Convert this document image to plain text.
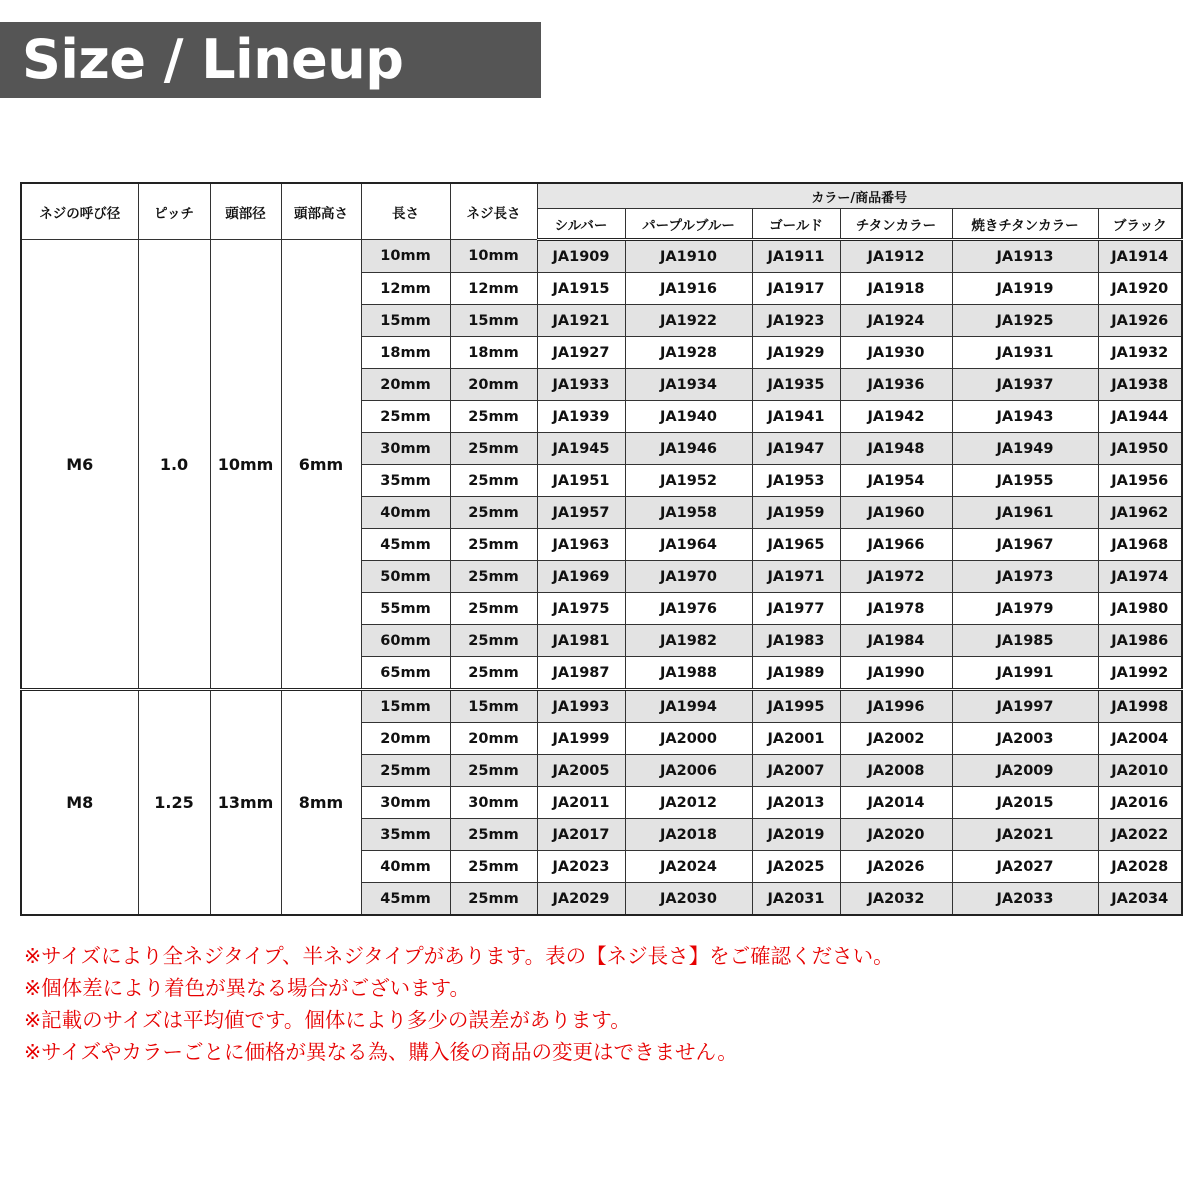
Size / Lineup
ネジの呼び径	ピッチ	頭部径	頭部高さ	長さ	ネジ長さ	カラー/商品番号					
						シルバー	パープルブルー	ゴールド	チタンカラー	焼きチタンカラー	ブラック
M6	1.0	10mm	6mm	10mm	10mm	JA1909	JA1910	JA1911	JA1912	JA1913	JA1914
				12mm	12mm	JA1915	JA1916	JA1917	JA1918	JA1919	JA1920
				15mm	15mm	JA1921	JA1922	JA1923	JA1924	JA1925	JA1926
				18mm	18mm	JA1927	JA1928	JA1929	JA1930	JA1931	JA1932
				20mm	20mm	JA1933	JA1934	JA1935	JA1936	JA1937	JA1938
				25mm	25mm	JA1939	JA1940	JA1941	JA1942	JA1943	JA1944
				30mm	25mm	JA1945	JA1946	JA1947	JA1948	JA1949	JA1950
				35mm	25mm	JA1951	JA1952	JA1953	JA1954	JA1955	JA1956
				40mm	25mm	JA1957	JA1958	JA1959	JA1960	JA1961	JA1962
				45mm	25mm	JA1963	JA1964	JA1965	JA1966	JA1967	JA1968
				50mm	25mm	JA1969	JA1970	JA1971	JA1972	JA1973	JA1974
				55mm	25mm	JA1975	JA1976	JA1977	JA1978	JA1979	JA1980
				60mm	25mm	JA1981	JA1982	JA1983	JA1984	JA1985	JA1986
				65mm	25mm	JA1987	JA1988	JA1989	JA1990	JA1991	JA1992
M8	1.25	13mm	8mm	15mm	15mm	JA1993	JA1994	JA1995	JA1996	JA1997	JA1998
				20mm	20mm	JA1999	JA2000	JA2001	JA2002	JA2003	JA2004
				25mm	25mm	JA2005	JA2006	JA2007	JA2008	JA2009	JA2010
				30mm	30mm	JA2011	JA2012	JA2013	JA2014	JA2015	JA2016
				35mm	25mm	JA2017	JA2018	JA2019	JA2020	JA2021	JA2022
				40mm	25mm	JA2023	JA2024	JA2025	JA2026	JA2027	JA2028
				45mm	25mm	JA2029	JA2030	JA2031	JA2032	JA2033	JA2034
※サイズにより全ネジタイプ、半ネジタイプがあります。表の【ネジ長さ】をご確認ください。
※個体差により着色が異なる場合がございます。
※記載のサイズは平均値です。個体により多少の誤差があります。
※サイズやカラーごとに価格が異なる為、購入後の商品の変更はできません。
